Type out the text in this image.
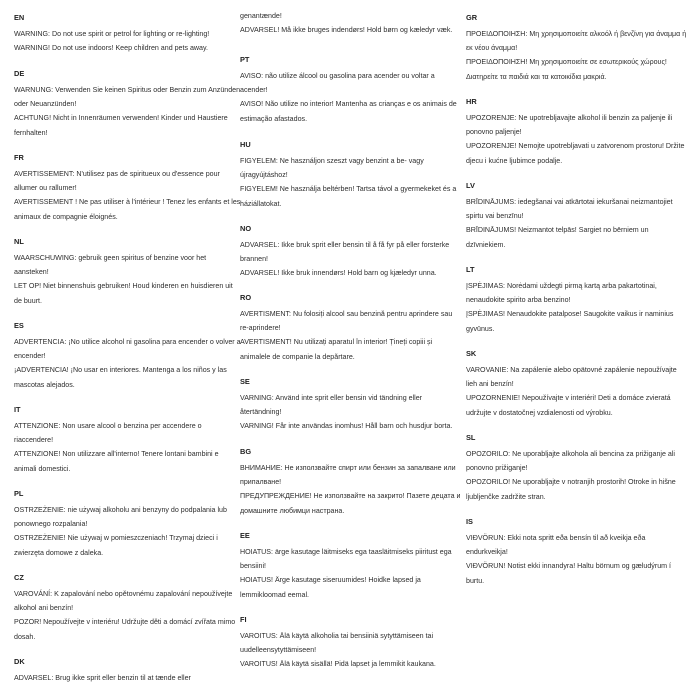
EN
WARNING: Do not use spirit or petrol for lighting or re-lighting!
WARNING! Do not use indoors! Keep children and pets away.
DE
WARNUNG: Verwenden Sie keinen Spiritus oder Benzin zum Anzünden oder Neuanzünden!
ACHTUNG! Nicht in Innenräumen verwenden! Kinder und Haustiere fernhalten!
FR
AVERTISSEMENT: N'utilisez pas de spiritueux ou d'essence pour allumer ou rallumer!
AVERTISSEMENT ! Ne pas utiliser à l'intérieur ! Tenez les enfants et les animaux de compagnie éloignés.
NL
WAARSCHUWING: gebruik geen spiritus of benzine voor het aansteken!
LET OP! Niet binnenshuis gebruiken! Houd kinderen en huisdieren uit de buurt.
ES
ADVERTENCIA: ¡No utilice alcohol ni gasolina para encender o volver a encender!
¡ADVERTENCIA! ¡No usar en interiores. Mantenga a los niños y las mascotas alejados.
IT
ATTENZIONE: Non usare alcool o benzina per accendere o riaccendere!
ATTENZIONE! Non utilizzare all'interno! Tenere lontani bambini e animali domestici.
PL
OSTRZEŻENIE: nie używaj alkoholu ani benzyny do podpalania lub ponownego rozpalania!
OSTRZEŻENIE! Nie używaj w pomieszczeniach! Trzymaj dzieci i zwierzęta domowe z daleka.
CZ
VAROVÁNÍ: K zapalování nebo opětovnému zapalování nepoužívejte alkohol ani benzín!
POZOR! Nepoužívejte v interiéru! Udržujte děti a domácí zvířata mimo dosah.
DK
ADVARSEL: Brug ikke sprit eller benzin til at tænde eller
genantænde!
ADVARSEL! Må ikke bruges indendørs! Hold børn og kæledyr væk.
PT
AVISO: não utilize álcool ou gasolina para acender ou voltar a acender!
AVISO! Não utilize no interior! Mantenha as crianças e os animais de estimação afastados.
HU
FIGYELEM: Ne használjon szeszt vagy benzint a be- vagy újragyújtáshoz!
FIGYELEM! Ne használja beltérben! Tartsa távol a gyermekeket és a háziállatokat.
NO
ADVARSEL: Ikke bruk sprit eller bensin til å få fyr på eller forsterke brannen!
ADVARSEL! Ikke bruk innendørs! Hold barn og kjæledyr unna.
RO
AVERTISMENT: Nu folosiți alcool sau benzină pentru aprindere sau re-aprindere!
AVERTISMENT! Nu utilizați aparatul în interior! Țineți copiii și animalele de companie la depărtare.
SE
VARNING: Använd inte sprit eller bensin vid tändning eller återtändning!
VARNING! Får inte användas inomhus! Håll barn och husdjur borta.
BG
ВНИМАНИЕ: Не използвайте спирт или бензин за запалване или припалване!
ПРЕДУПРЕЖДЕНИЕ! Не използвайте на закрито! Пазете децата и домашните любимци настрана.
EE
HOIATUS: ärge kasutage läitmiseks ega taasläitmiseks piiritust ega bensiini!
HOIATUS! Ärge kasutage siseruumides! Hoidke lapsed ja lemmikloomad eemal.
FI
VAROITUS: Älä käytä alkoholia tai bensiiniä sytyttämiseen tai uudelleensytyttämiseen!
VAROITUS! Älä käytä sisällä! Pidä lapset ja lemmikit kaukana.
GR
ΠΡΟΕΙΔΟΠΟΙΗΣΗ: Μη χρησιμοποιείτε αλκοόλ ή βενζίνη για άναμμα ή εκ νέου άναμμα!
ΠΡΟΕΙΔΟΠΟΙΗΣΗ! Μη χρησιμοποιείτε σε εσωτερικούς χώρους! Διατηρείτε τα παιδιά και τα κατοικίδια μακριά.
HR
UPOZORENJE: Ne upotrebljavajte alkohol ili benzin za paljenje ili ponovno paljenje!
UPOZORENJE! Nemojte upotrebljavati u zatvorenom prostoru! Držite djecu i kućne ljubimce podalje.
LV
BRĪDINĀJUMS: iedegšanai vai atkārtotai iekuršanai neizmantojiet spirtu vai benzīnu!
BRĪDINĀJUMS! Neizmantot telpās! Sargiet no bērniem un dzīvniekiem.
LT
ĮSPĖJIMAS: Norėdami uždegti pirmą kartą arba pakartotinai, nenaudokite spirito arba benzino!
ĮSPĖJIMAS! Nenaudokite patalpose! Saugokite vaikus ir naminius gyvūnus.
SK
VAROVANIE: Na zapálenie alebo opätovné zapálenie nepoužívajte lieh ani benzín!
UPOZORNENIE! Nepoužívajte v interiéri! Deti a domáce zvieratá udržujte v dostatočnej vzdialenosti od výrobku.
SL
OPOZORILO: Ne uporabljajte alkohola ali bencina za prižiganje ali ponovno prižiganje!
OPOZORILO! Ne uporabljajte v notranjih prostorih! Otroke in hišne ljubljenčke zadržite stran.
IS
VIÐVÖRUN: Ekki nota spritt eða bensín til að kveikja eða endurkveikja!
VIÐVÖRUN! Notist ekki innandyra! Haltu börnum og gæludýrum í burtu.
